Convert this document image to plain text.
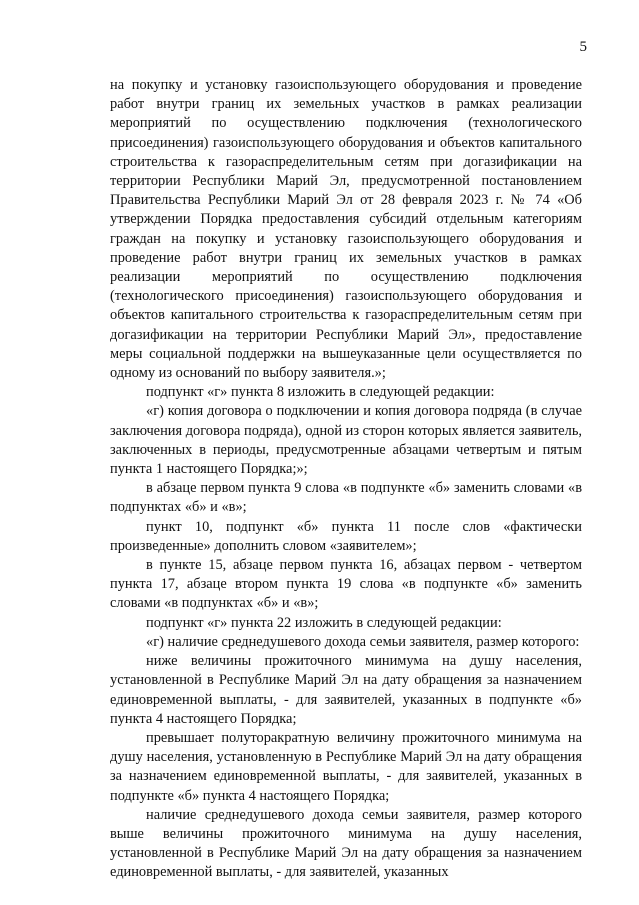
5

на покупку и установку газоиспользующего оборудования и проведение работ внутри границ их земельных участков в рамках реализации мероприятий по осуществлению подключения (технологического присоединения) газоиспользующего оборудования и объектов капитального строительства к газораспределительным сетям при догазификации на территории Республики Марий Эл, предусмотренной постановлением Правительства Республики Марий Эл от 28 февраля 2023 г. № 74 «Об утверждении Порядка предоставления субсидий отдельным категориям граждан на покупку и установку газоиспользующего оборудования и проведение работ внутри границ их земельных участков в рамках реализации мероприятий по осуществлению подключения (технологического присоединения) газоиспользующего оборудования и объектов капитального строительства к газораспределительным сетям при догазификации на территории Республики Марий Эл», предоставление меры социальной поддержки на вышеуказанные цели осуществляется по одному из оснований по выбору заявителя.»;

подпункт «г» пункта 8 изложить в следующей редакции:

«г) копия договора о подключении и копия договора подряда (в случае заключения договора подряда), одной из сторон которых является заявитель, заключенных в периоды, предусмотренные абзацами четвертым и пятым пункта 1 настоящего Порядка;»;

в абзаце первом пункта 9 слова «в подпункте «б» заменить словами «в подпунктах «б» и «в»;

пункт 10, подпункт «б» пункта 11 после слов «фактически произведенные» дополнить словом «заявителем»;

в пункте 15, абзаце первом пункта 16, абзацах первом - четвертом пункта 17, абзаце втором пункта 19 слова «в подпункте «б» заменить словами «в подпунктах «б» и «в»;

подпункт «г» пункта 22 изложить в следующей редакции:

«г) наличие среднедушевого дохода семьи заявителя, размер которого:

ниже величины прожиточного минимума на душу населения, установленной в Республике Марий Эл на дату обращения за назначением единовременной выплаты, - для заявителей, указанных в подпункте «б» пункта 4 настоящего Порядка;

превышает полуторакратную величину прожиточного минимума на душу населения, установленную в Республике Марий Эл на дату обращения за назначением единовременной выплаты, - для заявителей, указанных в подпункте «б» пункта 4 настоящего Порядка;

наличие среднедушевого дохода семьи заявителя, размер которого выше величины прожиточного минимума на душу населения, установленной в Республике Марий Эл на дату обращения за назначением единовременной выплаты, - для заявителей, указанных
